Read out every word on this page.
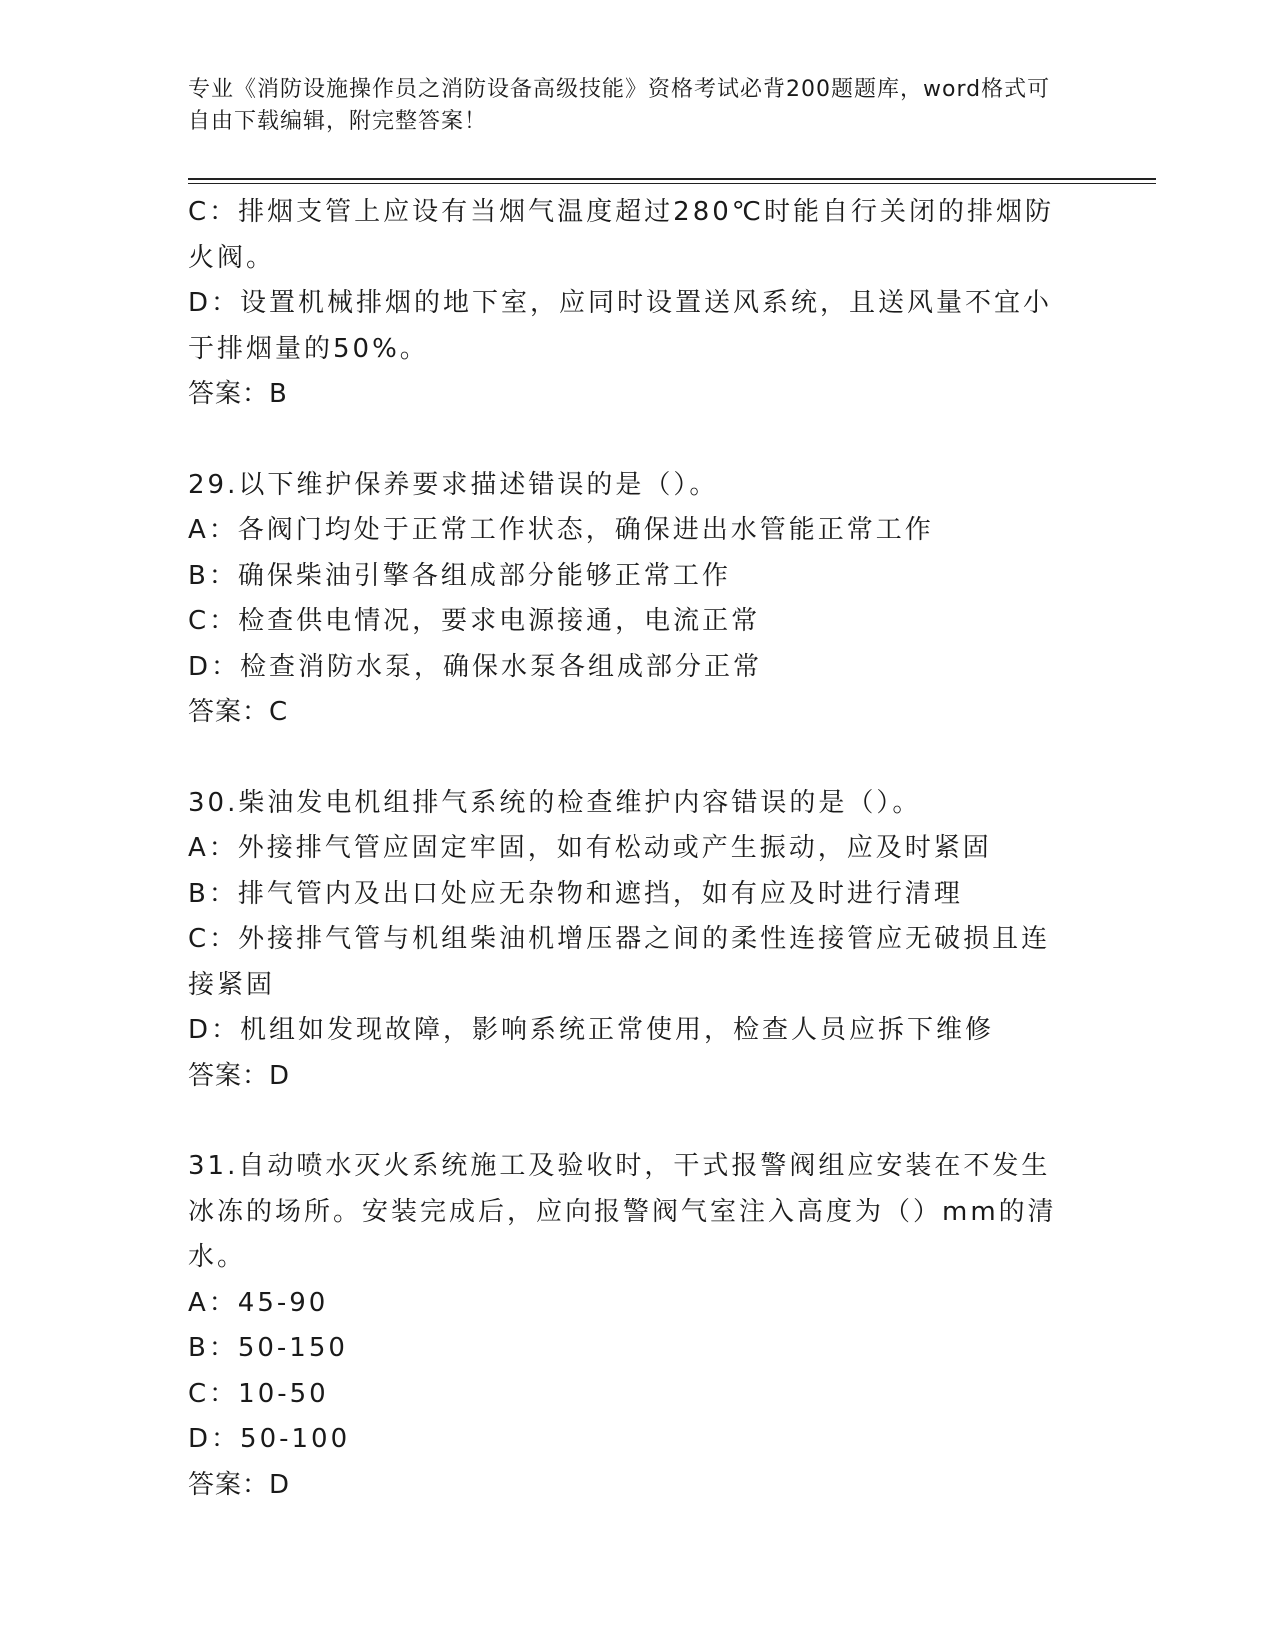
专业《消防设施操作员之消防设备高级技能》资格考试必背200题题库，word格式可自由下载编辑，附完整答案！

C：排烟支管上应设有当烟气温度超过280℃时能自行关闭的排烟防火阀。

D：设置机械排烟的地下室，应同时设置送风系统，且送风量不宜小于排烟量的50%。

答案：B

29.以下维护保养要求描述错误的是（）。

A：各阀门均处于正常工作状态，确保进出水管能正常工作

B：确保柴油引擎各组成部分能够正常工作

C：检查供电情况，要求电源接通，电流正常

D：检查消防水泵，确保水泵各组成部分正常

答案：C

30.柴油发电机组排气系统的检查维护内容错误的是（）。

A：外接排气管应固定牢固，如有松动或产生振动，应及时紧固

B：排气管内及出口处应无杂物和遮挡，如有应及时进行清理

C：外接排气管与机组柴油机增压器之间的柔性连接管应无破损且连接紧固

D：机组如发现故障，影响系统正常使用，检查人员应拆下维修

答案：D

31.自动喷水灭火系统施工及验收时，干式报警阀组应安装在不发生冰冻的场所。安装完成后，应向报警阀气室注入高度为（）mm的清水。

A：45-90

B：50-150

C：10-50

D：50-100

答案：D
